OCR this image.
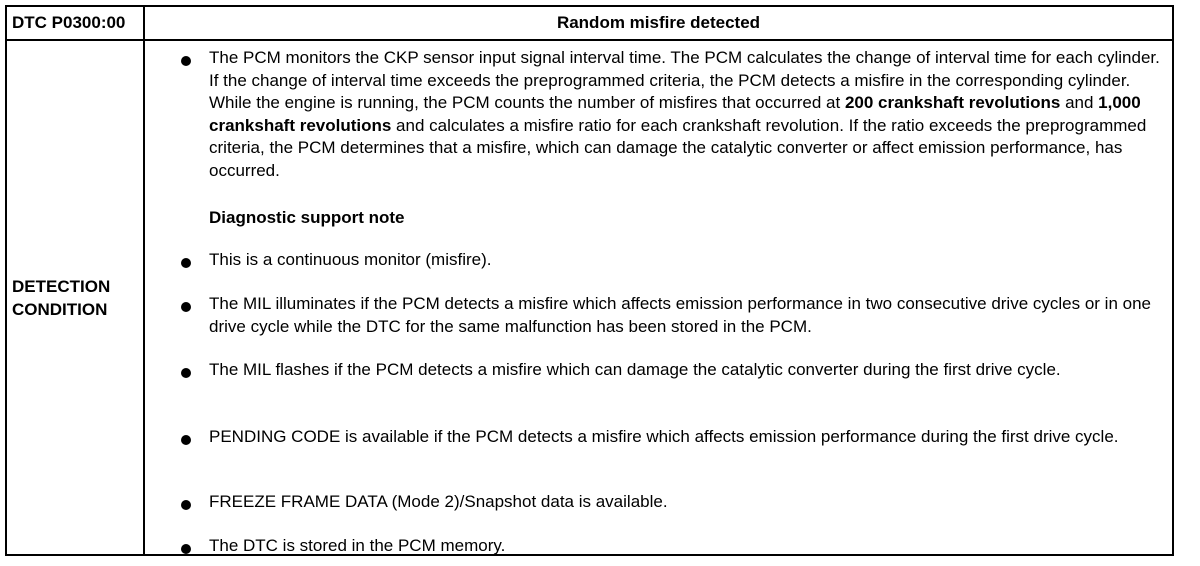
DTC P0300:00	Random misfire detected
DETECTION CONDITION
The PCM monitors the CKP sensor input signal interval time. The PCM calculates the change of interval time for each cylinder. If the change of interval time exceeds the preprogrammed criteria, the PCM detects a misfire in the corresponding cylinder. While the engine is running, the PCM counts the number of misfires that occurred at 200 crankshaft revolutions and 1,000 crankshaft revolutions and calculates a misfire ratio for each crankshaft revolution. If the ratio exceeds the preprogrammed criteria, the PCM determines that a misfire, which can damage the catalytic converter or affect emission performance, has occurred.
Diagnostic support note
This is a continuous monitor (misfire).
The MIL illuminates if the PCM detects a misfire which affects emission performance in two consecutive drive cycles or in one drive cycle while the DTC for the same malfunction has been stored in the PCM.
The MIL flashes if the PCM detects a misfire which can damage the catalytic converter during the first drive cycle.
PENDING CODE is available if the PCM detects a misfire which affects emission performance during the first drive cycle.
FREEZE FRAME DATA (Mode 2)/Snapshot data is available.
The DTC is stored in the PCM memory.
